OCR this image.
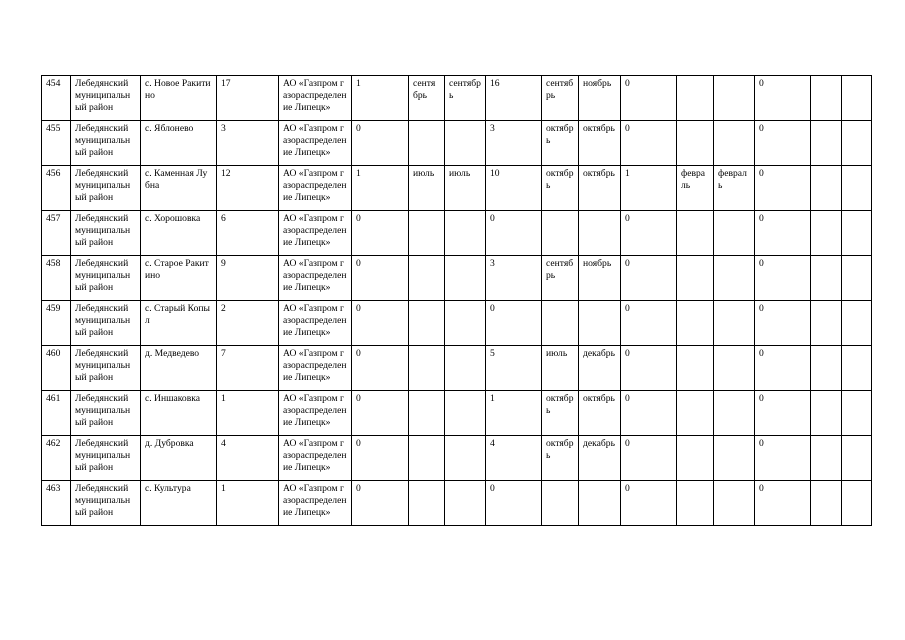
454	Лебедянский муниципальный район	с. Новое Ракитино	17	АО «Газпром газораспределение Липецк»	1	сентябрь	сентябрь	16	сентябрь	ноябрь	0			0		
455	Лебедянский муниципальный район	с. Яблонево	3	АО «Газпром газораспределение Липецк»	0			3	октябрь	октябрь	0			0		
456	Лебедянский муниципальный район	с. Каменная Лубна	12	АО «Газпром газораспределение Липецк»	1	июль	июль	10	октябрь	октябрь	1	февраль	февраль	0		
457	Лебедянский муниципальный район	с. Хорошовка	6	АО «Газпром газораспределение Липецк»	0			0			0			0		
458	Лебедянский муниципальный район	с. Старое Ракитино	9	АО «Газпром газораспределение Липецк»	0			3	сентябрь	ноябрь	0			0		
459	Лебедянский муниципальный район	с. Старый Копыл	2	АО «Газпром газораспределение Липецк»	0			0			0			0		
460	Лебедянский муниципальный район	д. Медведево	7	АО «Газпром газораспределение Липецк»	0			5	июль	декабрь	0			0		
461	Лебедянский муниципальный район	с. Иншаковка	1	АО «Газпром газораспределение Липецк»	0			1	октябрь	октябрь	0			0		
462	Лебедянский муниципальный район	д. Дубровка	4	АО «Газпром газораспределение Липецк»	0			4	октябрь	декабрь	0			0		
463	Лебедянский муниципальный район	с. Культура	1	АО «Газпром газораспределение Липецк»	0			0			0			0		
